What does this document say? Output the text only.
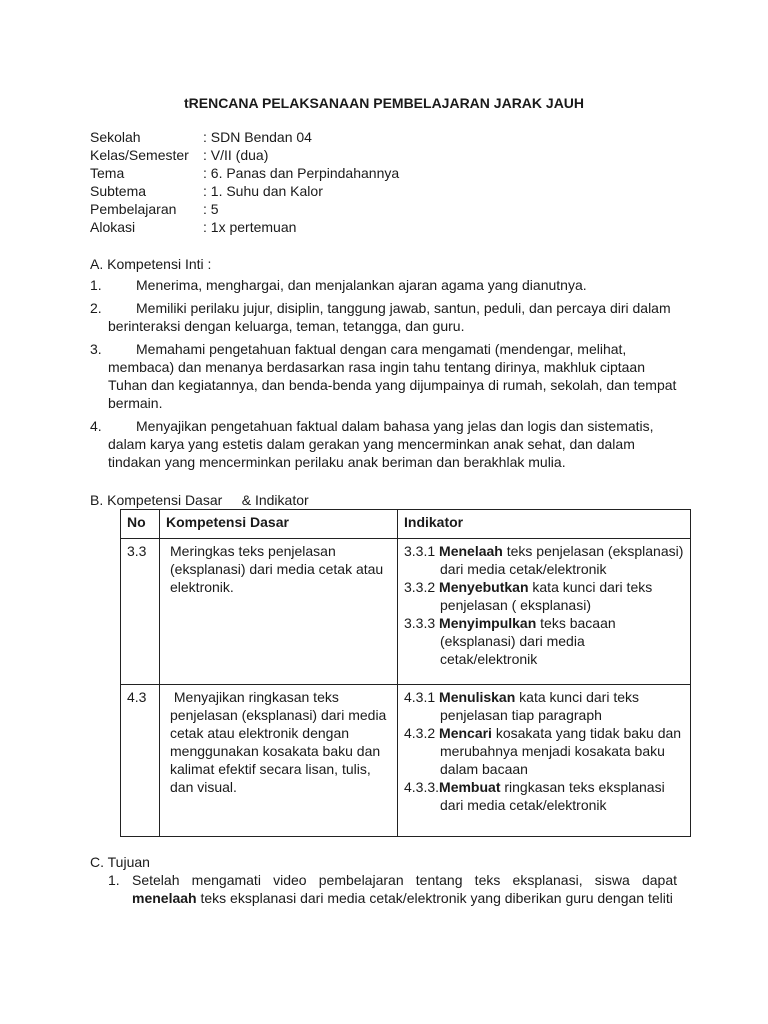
tRENCANA PELAKSANAAN PEMBELAJARAN JARAK JAUH
Sekolah	: SDN Bendan 04
Kelas/Semester	: V/II (dua)
Tema	: 6. Panas dan Perpindahannya
Subtema	: 1. Suhu dan Kalor
Pembelajaran	: 5
Alokasi	: 1x pertemuan
A. Kompetensi Inti :
1.	Menerima, menghargai, dan menjalankan ajaran agama yang dianutnya.
2.	Memiliki perilaku jujur, disiplin, tanggung jawab, santun, peduli, dan percaya diri dalam berinteraksi dengan keluarga, teman, tetangga, dan guru.
3.	Memahami pengetahuan faktual dengan cara mengamati (mendengar, melihat, membaca) dan menanya berdasarkan rasa ingin tahu tentang dirinya, makhluk ciptaan Tuhan dan kegiatannya, dan benda-benda yang dijumpainya di rumah, sekolah, dan tempat bermain.
4.	Menyajikan pengetahuan faktual dalam bahasa yang jelas dan logis dan sistematis, dalam karya yang estetis dalam gerakan yang mencerminkan anak sehat, dan dalam tindakan yang mencerminkan perilaku anak beriman dan berakhlak mulia.
B. Kompetensi Dasar     & Indikator
No	Kompetensi Dasar	Indikator
3.3	Meringkas teks penjelasan (eksplanasi) dari media cetak atau elektronik.	3.3.1 Menelaah teks penjelasan (eksplanasi) dari media cetak/elektronik
3.3.2 Menyebutkan kata kunci dari teks penjelasan ( eksplanasi)
3.3.3 Menyimpulkan teks bacaan (eksplanasi) dari media cetak/elektronik

4.3	Menyajikan ringkasan teks penjelasan (eksplanasi) dari media cetak atau elektronik dengan menggunakan kosakata baku dan kalimat efektif secara lisan, tulis, dan visual.	4.3.1 Menuliskan kata kunci dari teks penjelasan tiap paragraph
4.3.2 Mencari kosakata yang tidak baku dan merubahnya menjadi kosakata baku dalam bacaan
4.3.3.Membuat ringkasan teks eksplanasi dari media cetak/elektronik
C. Tujuan
1. Setelah mengamati video pembelajaran tentang teks eksplanasi, siswa dapat menelaah teks eksplanasi dari media cetak/elektronik yang diberikan guru dengan teliti
